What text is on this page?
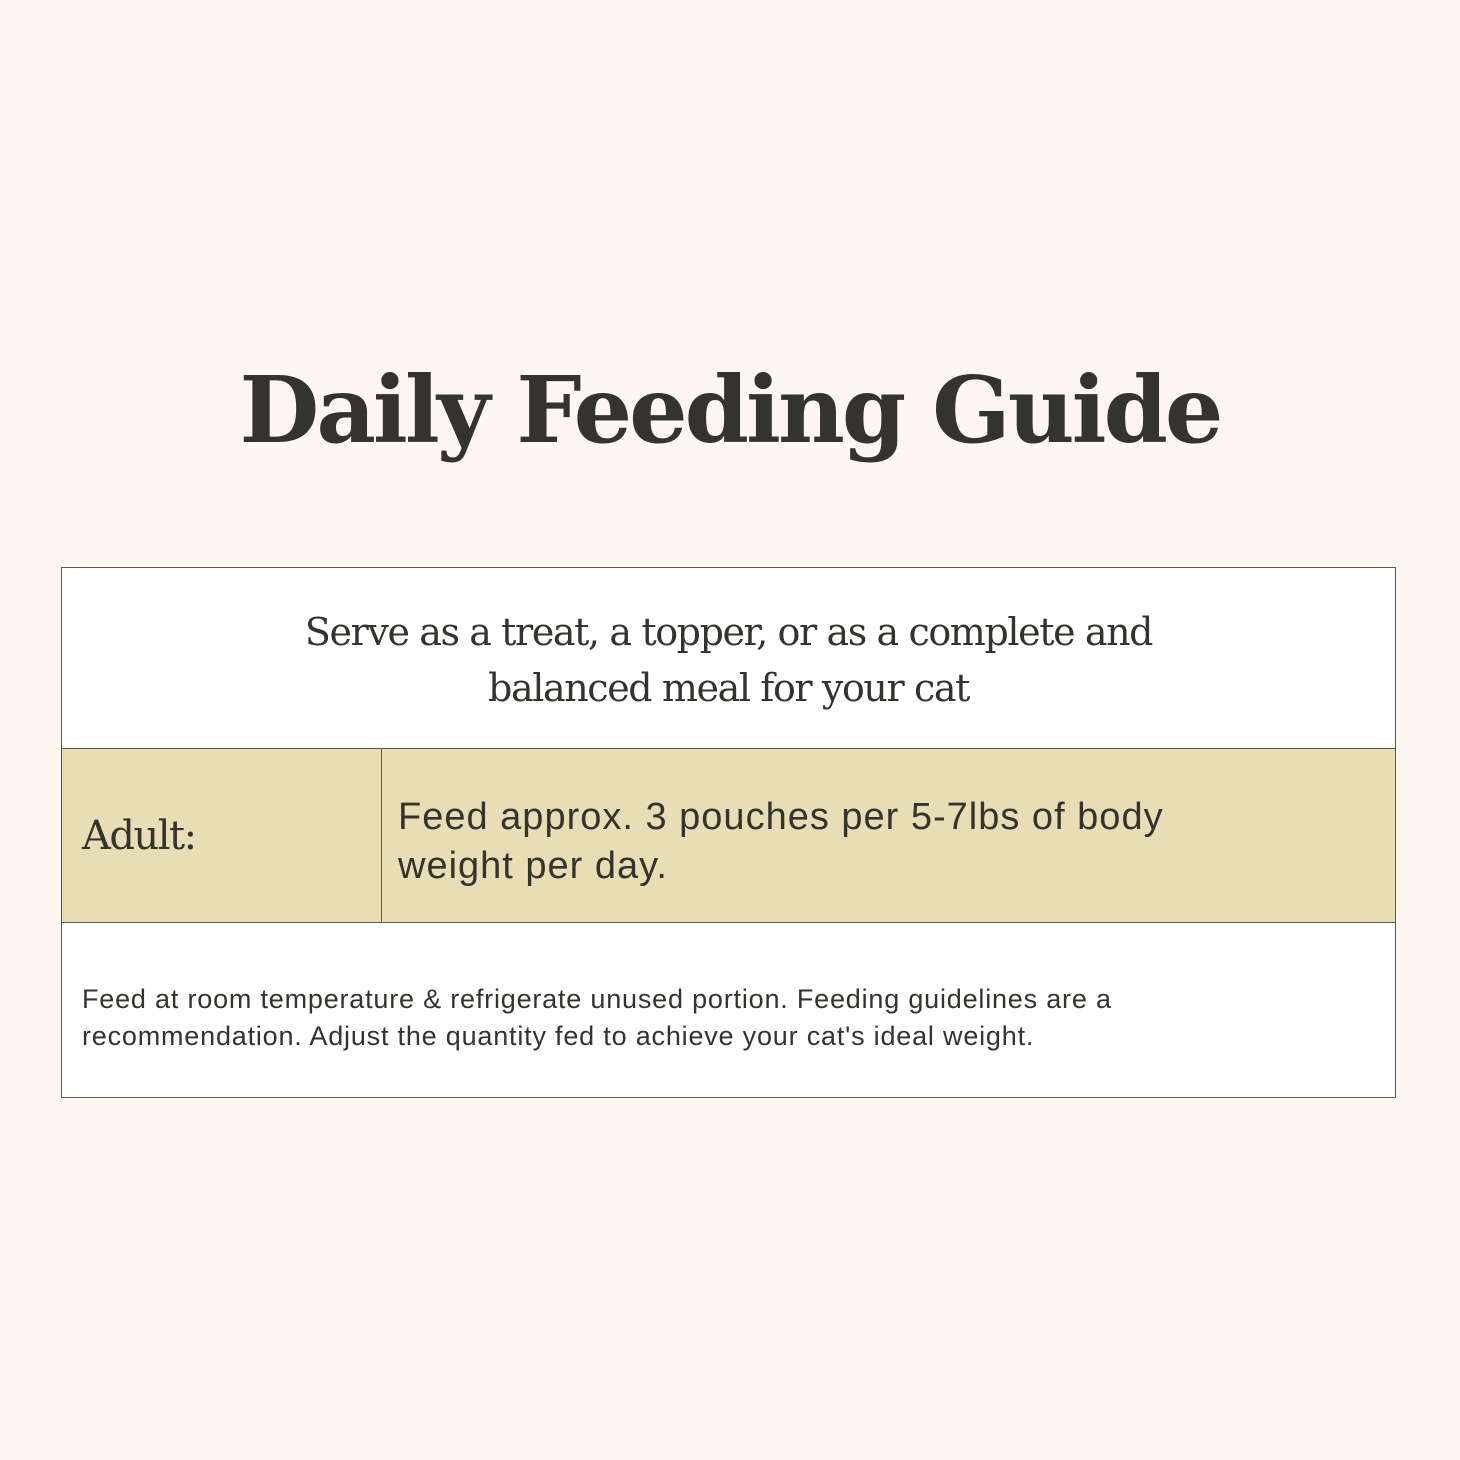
Daily Feeding Guide
Serve as a treat, a topper, or as a complete and balanced meal for your cat
Adult:	Feed approx. 3 pouches per 5-7lbs of body weight per day.
Feed at room temperature & refrigerate unused portion. Feeding guidelines are a recommendation. Adjust the quantity fed to achieve your cat's ideal weight.
